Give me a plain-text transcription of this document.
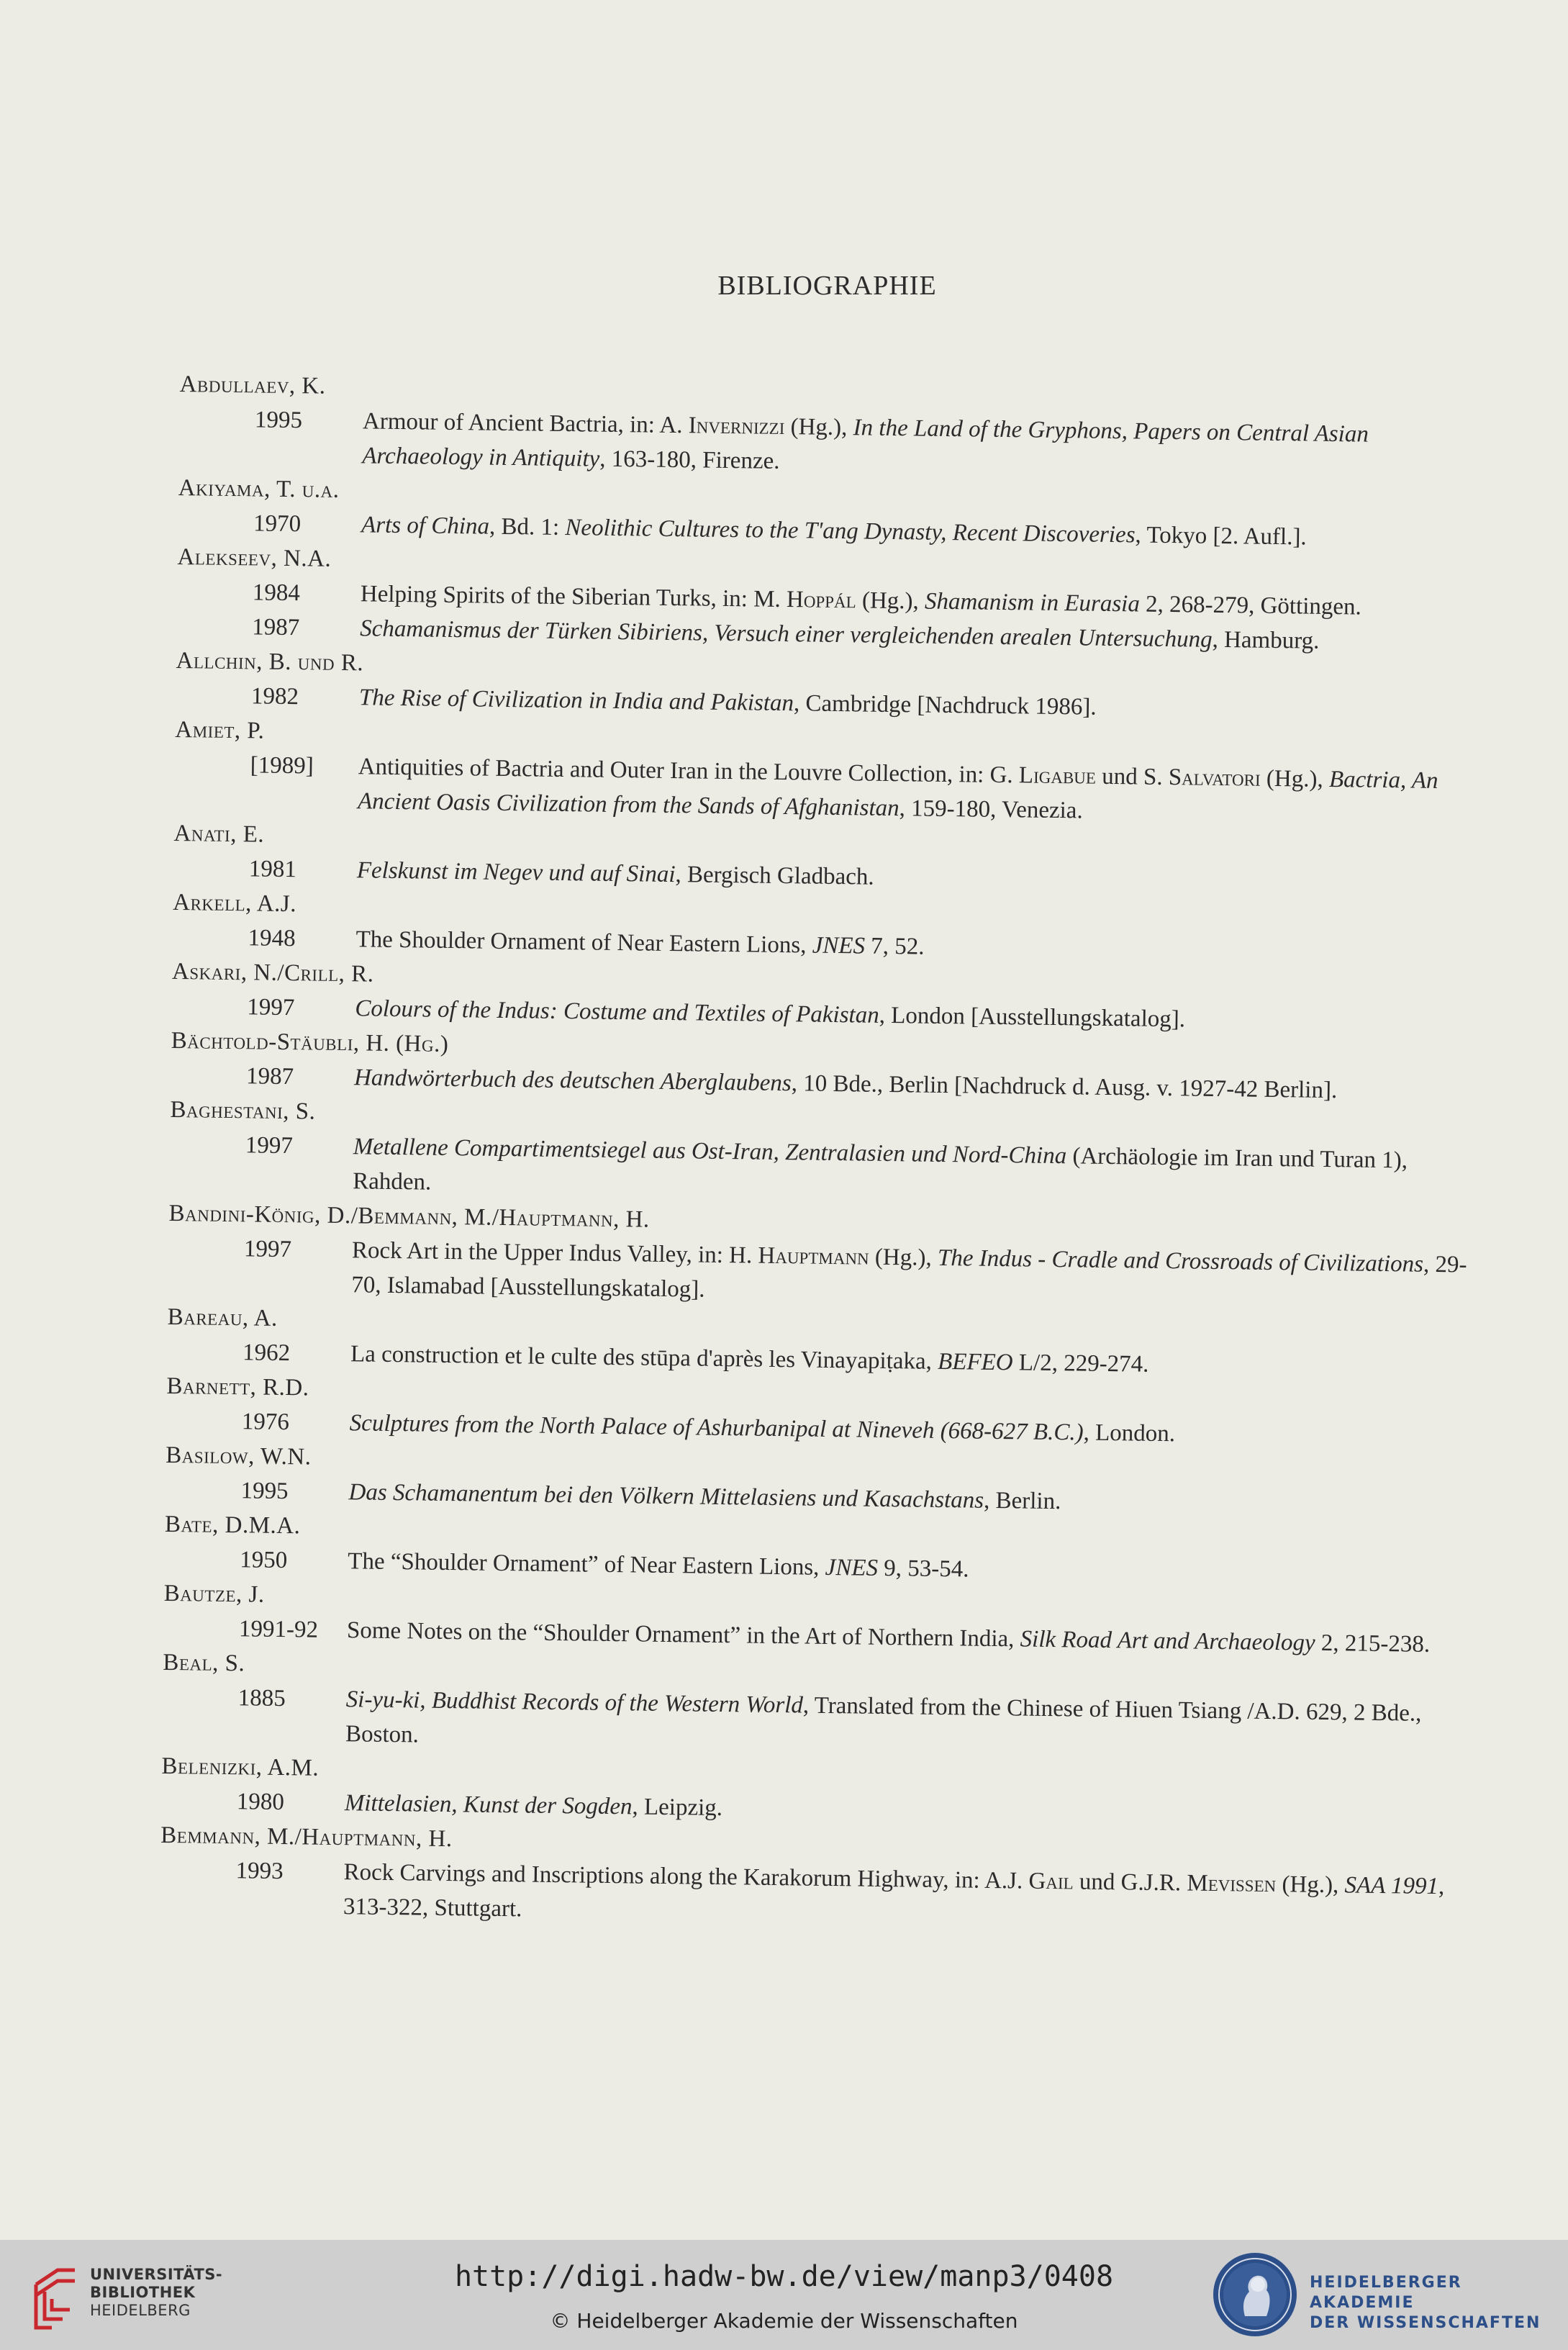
BIBLIOGRAPHIE
Abdullaev, K.
1995	Armour of Ancient Bactria, in: A. Invernizzi (Hg.), In the Land of the Gryphons, Papers on Central Asian Archaeology in Antiquity, 163-180, Firenze.
Akiyama, T. u.a.
1970	Arts of China, Bd. 1: Neolithic Cultures to the T'ang Dynasty, Recent Discoveries, Tokyo [2. Aufl.].
Alekseev, N.A.
1984	Helping Spirits of the Siberian Turks, in: M. Hoppál (Hg.), Shamanism in Eurasia 2, 268-279, Göttingen.
1987	Schamanismus der Türken Sibiriens, Versuch einer vergleichenden arealen Untersuchung, Hamburg.
Allchin, B. und R.
1982	The Rise of Civilization in India and Pakistan, Cambridge [Nachdruck 1986].
Amiet, P.
[1989]	Antiquities of Bactria and Outer Iran in the Louvre Collection, in: G. Ligabue und S. Salvatori (Hg.), Bactria, An Ancient Oasis Civilization from the Sands of Afghanistan, 159-180, Venezia.
Anati, E.
1981	Felskunst im Negev und auf Sinai, Bergisch Gladbach.
Arkell, A.J.
1948	The Shoulder Ornament of Near Eastern Lions, JNES 7, 52.
Askari, N./Crill, R.
1997	Colours of the Indus: Costume and Textiles of Pakistan, London [Ausstellungskatalog].
Bächtold-Stäubli, H. (Hg.)
1987	Handwörterbuch des deutschen Aberglaubens, 10 Bde., Berlin [Nachdruck d. Ausg. v. 1927-42 Berlin].
Baghestani, S.
1997	Metallene Compartimentsiegel aus Ost-Iran, Zentralasien und Nord-China (Archäologie im Iran und Turan 1), Rahden.
Bandini-König, D./Bemmann, M./Hauptmann, H.
1997	Rock Art in the Upper Indus Valley, in: H. Hauptmann (Hg.), The Indus - Cradle and Crossroads of Civilizations, 29-70, Islamabad [Ausstellungskatalog].
Bareau, A.
1962	La construction et le culte des stūpa d'après les Vinayapiṭaka, BEFEO L/2, 229-274.
Barnett, R.D.
1976	Sculptures from the North Palace of Ashurbanipal at Nineveh (668-627 B.C.), London.
Basilow, W.N.
1995	Das Schamanentum bei den Völkern Mittelasiens und Kasachstans, Berlin.
Bate, D.M.A.
1950	The “Shoulder Ornament” of Near Eastern Lions, JNES 9, 53-54.
Bautze, J.
1991-92	Some Notes on the “Shoulder Ornament” in the Art of Northern India, Silk Road Art and Archaeology 2, 215-238.
Beal, S.
1885	Si-yu-ki, Buddhist Records of the Western World, Translated from the Chinese of Hiuen Tsiang /A.D. 629, 2 Bde., Boston.
Belenizki, A.M.
1980	Mittelasien, Kunst der Sogden, Leipzig.
Bemmann, M./Hauptmann, H.
1993	Rock Carvings and Inscriptions along the Karakorum Highway, in: A.J. Gail und G.J.R. Mevissen (Hg.), SAA 1991, 313-322, Stuttgart.
UNIVERSITÄTS-
BIBLIOTHEK
HEIDELBERG
http://digi.hadw-bw.de/view/manp3/0408
© Heidelberger Akademie der Wissenschaften
HEIDELBERGER AKADEMIE
DER WISSENSCHAFTEN
